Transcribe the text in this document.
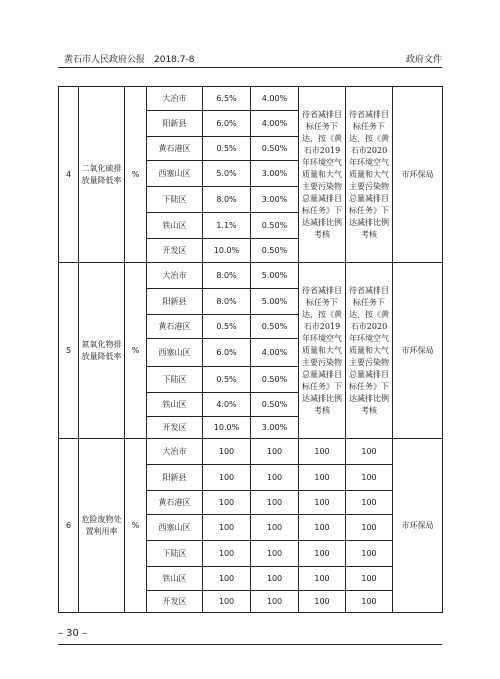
黄石市人民政府公报　2018.7-8	政府文件
4	二氧化硫排放量降低率	%	大冶市	6.5%	4.00%	待省减排目标任务下达，按《黄石市2019年环境空气质量和大气主要污染物总量减排目标任务》下达减排比例考核	待省减排目标任务下达，按《黄石市2020年环境空气质量和大气主要污染物总量减排目标任务》下达减排比例考核	市环保局
			阳新县	6.0%	4.00%			
			黄石港区	0.5%	0.50%			
			西塞山区	5.0%	3.00%			
			下陆区	8.0%	3.00%			
			铁山区	1.1%	0.50%			
			开发区	10.0%	0.50%			
5	氮氧化物排放量降低率	%	大冶市	8.0%	5.00%	待省减排目标任务下达，按《黄石市2019年环境空气质量和大气主要污染物总量减排目标任务》下达减排比例考核	待省减排目标任务下达，按《黄石市2020年环境空气质量和大气主要污染物总量减排目标任务》下达减排比例考核	市环保局
			阳新县	8.0%	5.00%			
			黄石港区	0.5%	0.50%			
			西塞山区	6.0%	4.00%			
			下陆区	0.5%	0.50%			
			铁山区	4.0%	0.50%			
			开发区	10.0%	3.00%			
6	危险废物处置利用率	%	大冶市	100	100	100	100	市环保局
			阳新县	100	100	100	100	
			黄石港区	100	100	100	100	
			西塞山区	100	100	100	100	
			下陆区	100	100	100	100	
			铁山区	100	100	100	100	
			开发区	100	100	100	100	
– 30 –
